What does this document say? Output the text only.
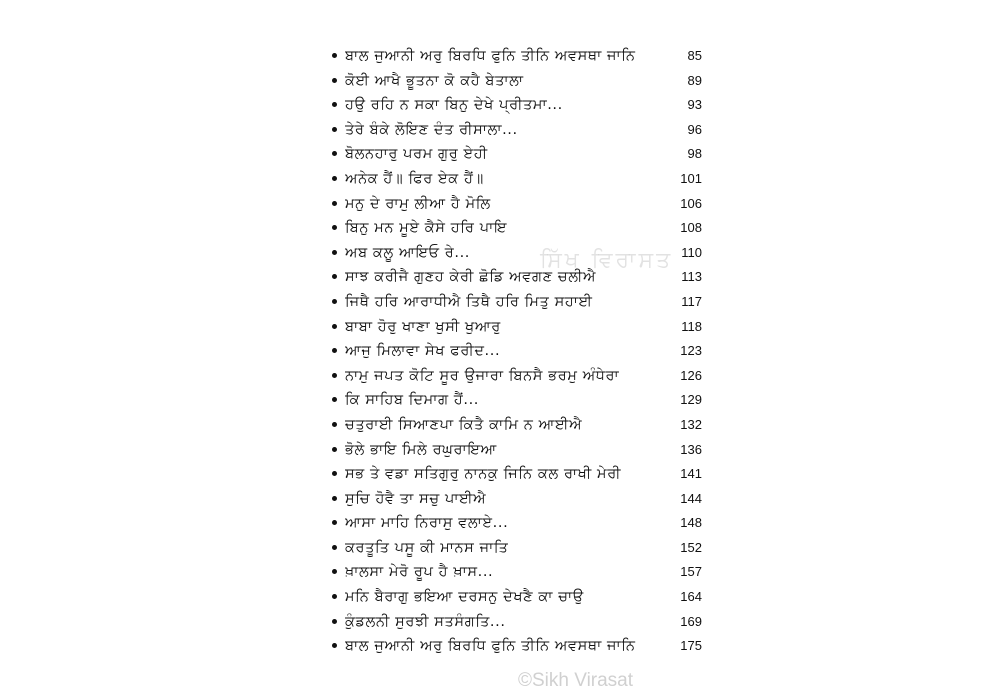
ਬਾਲ ਜੁਆਨੀ ਅਰੁ ਬਿਰਧਿ ਫੁਨਿ ਤੀਨਿ ਅਵਸਥਾ ਜਾਨਿ	85
ਕੋਈ ਆਖੈ ਭੂਤਨਾ ਕੋ ਕਹੈ ਬੇਤਾਲਾ	89
ਹਉ ਰਹਿ ਨ ਸਕਾ ਬਿਨੁ ਦੇਖੇ ਪ੍ਰੀਤਮਾ...	93
ਤੇਰੇ ਬੰਕੇ ਲੋਇਣ ਦੰਤ ਰੀਸਾਲਾ...	96
ਬੋਲਨਹਾਰੁ ਪਰਮ ਗੁਰੁ ਏਹੀ	98
ਅਨੇਕ ਹੈਂ॥ ਫਿਰ ਏਕ ਹੈਂ॥	101
ਮਨੁ ਦੇ ਰਾਮੁ ਲੀਆ ਹੈ ਮੋਲਿ	106
ਬਿਨੁ ਮਨ ਮੂਏ ਕੈਸੇ ਹਰਿ ਪਾਇ	108
ਅਬ ਕਲੂ ਆਇਓ ਰੇ...	110
ਸਾਝ ਕਰੀਜੈ ਗੁਣਹ ਕੇਰੀ ਛੋਡਿ ਅਵਗਣ ਚਲੀਐ	113
ਜਿਥੈ ਹਰਿ ਆਰਾਧੀਐ ਤਿਥੈ ਹਰਿ ਮਿਤੁ ਸਹਾਈ	117
ਬਾਬਾ ਹੋਰੁ ਖਾਣਾ ਖੁਸੀ ਖੁਆਰੁ	118
ਆਜੁ ਮਿਲਾਵਾ ਸੇਖ ਫਰੀਦ...	123
ਨਾਮੁ ਜਪਤ ਕੋਟਿ ਸੂਰ ਉਜਾਰਾ ਬਿਨਸੈ ਭਰਮੁ ਅੰਧੇਰਾ	126
ਕਿ ਸਾਹਿਬ ਦਿਮਾਗ ਹੈਂ...	129
ਚਤੁਰਾਈ ਸਿਆਣਪਾ ਕਿਤੈ ਕਾਮਿ ਨ ਆਈਐ	132
ਭੋਲੇ ਭਾਇ ਮਿਲੇ ਰਘੁਰਾਇਆ	136
ਸਭ ਤੇ ਵਡਾ ਸਤਿਗੁਰੁ ਨਾਨਕੁ ਜਿਨਿ ਕਲ ਰਾਖੀ ਮੇਰੀ	141
ਸੁਚਿ ਹੋਵੈ ਤਾ ਸਚੁ ਪਾਈਐ	144
ਆਸਾ ਮਾਹਿ ਨਿਰਾਸੁ ਵਲਾਏ...	148
ਕਰਤੂਤਿ ਪਸੂ ਕੀ ਮਾਨਸ ਜਾਤਿ	152
ਖ਼ਾਲਸਾ ਮੇਰੋ ਰੂਪ ਹੈ ਖ਼ਾਸ...	157
ਮਨਿ ਬੈਰਾਗੁ ਭਇਆ ਦਰਸਨੁ ਦੇਖਣੈ ਕਾ ਚਾਉ	164
ਕੁੰਡਲਨੀ ਸੁਰਝੀ ਸਤਸੰਗਤਿ...	169
ਬਾਲ ਜੁਆਨੀ ਅਰੁ ਬਿਰਧਿ ਫੁਨਿ ਤੀਨਿ ਅਵਸਥਾ ਜਾਨਿ	175
ਸਿੱਖ ਵਿਰਾਸਤ
©Sikh Virasat
